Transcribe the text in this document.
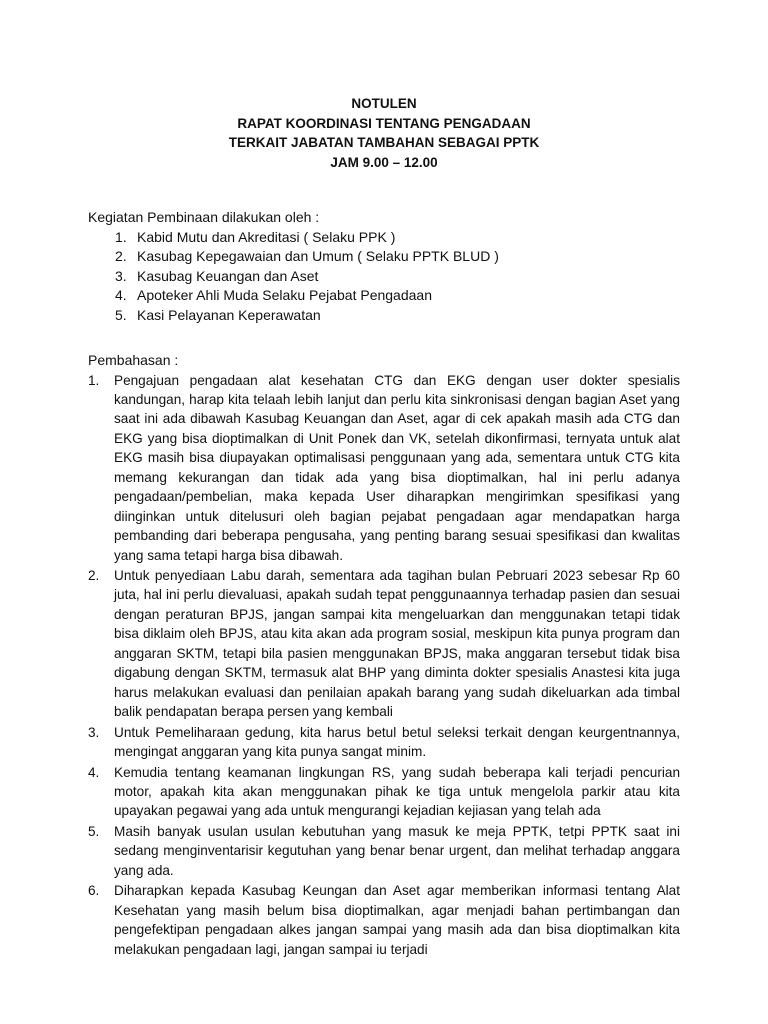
NOTULEN
RAPAT KOORDINASI TENTANG PENGADAAN
TERKAIT JABATAN TAMBAHAN SEBAGAI PPTK
JAM 9.00 – 12.00
Kegiatan Pembinaan dilakukan oleh :
1. Kabid Mutu dan Akreditasi ( Selaku PPK )
2. Kasubag Kepegawaian dan Umum ( Selaku PPTK BLUD )
3. Kasubag Keuangan dan Aset
4. Apoteker Ahli Muda Selaku Pejabat Pengadaan
5. Kasi Pelayanan Keperawatan
Pembahasan :
1.	Pengajuan pengadaan alat kesehatan CTG dan EKG dengan user dokter spesialis kandungan, harap kita telaah lebih lanjut dan perlu kita sinkronisasi dengan bagian Aset yang saat ini ada dibawah Kasubag Keuangan dan Aset, agar di cek apakah masih ada CTG dan EKG yang bisa dioptimalkan di Unit Ponek dan VK, setelah dikonfirmasi, ternyata untuk alat EKG masih bisa diupayakan optimalisasi penggunaan yang ada, sementara untuk CTG kita memang kekurangan dan tidak ada yang bisa dioptimalkan, hal ini perlu adanya pengadaan/pembelian, maka kepada User diharapkan mengirimkan spesifikasi yang diinginkan untuk ditelusuri oleh bagian pejabat pengadaan agar mendapatkan harga pembanding dari beberapa pengusaha, yang penting barang sesuai spesifikasi dan kwalitas yang sama tetapi harga bisa dibawah.
2.	Untuk penyediaan Labu darah, sementara ada tagihan bulan Pebruari 2023 sebesar Rp 60 juta, hal ini perlu dievaluasi, apakah sudah tepat penggunaannya terhadap pasien dan sesuai dengan peraturan BPJS, jangan sampai kita mengeluarkan dan menggunakan tetapi tidak bisa diklaim oleh BPJS, atau kita akan ada program sosial, meskipun kita punya program dan anggaran SKTM, tetapi bila pasien menggunakan BPJS, maka anggaran tersebut tidak bisa digabung dengan SKTM, termasuk alat BHP yang diminta dokter spesialis Anastesi kita juga harus melakukan evaluasi dan penilaian apakah barang yang sudah dikeluarkan ada timbal balik pendapatan berapa persen yang kembali
3.	Untuk Pemeliharaan gedung, kita harus betul betul seleksi terkait dengan keurgentnannya, mengingat anggaran yang kita punya sangat minim.
4.	Kemudia tentang keamanan lingkungan RS, yang sudah beberapa kali terjadi pencurian motor, apakah kita akan menggunakan pihak ke tiga untuk mengelola parkir atau kita upayakan pegawai yang ada untuk mengurangi kejadian kejiasan yang telah ada
5.	Masih banyak usulan usulan kebutuhan yang masuk ke meja PPTK, tetpi PPTK saat ini sedang menginventarisir kegutuhan yang benar benar urgent, dan melihat terhadap anggara yang ada.
6.	Diharapkan kepada Kasubag Keungan dan Aset agar memberikan informasi tentang Alat Kesehatan yang masih belum bisa dioptimalkan, agar menjadi bahan pertimbangan dan pengefektipan pengadaan alkes jangan sampai yang masih ada dan bisa dioptimalkan kita melakukan pengadaan lagi, jangan sampai iu terjadi
